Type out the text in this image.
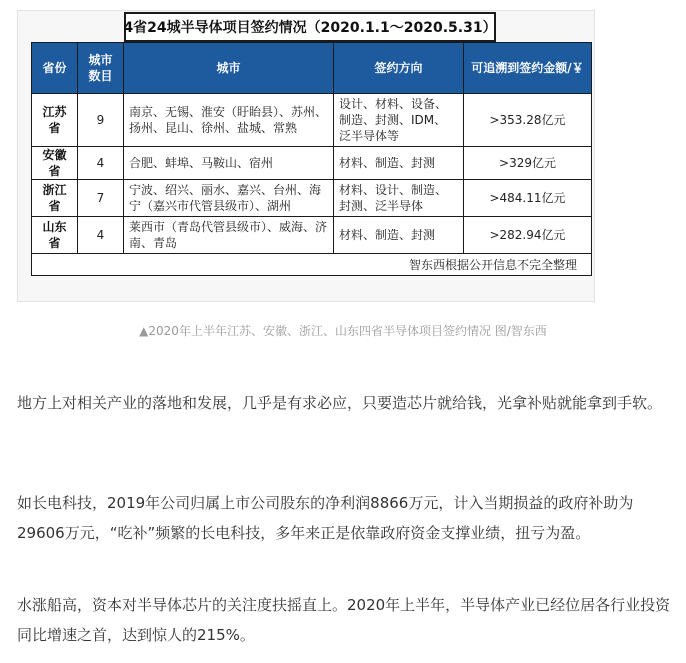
4省24城半导体项目签约情况（2020.1.1～2020.5.31）
省份	城市数目	城市	签约方向	可追溯到签约金额/￥
江苏省	9	南京、无锡、淮安（盱眙县）、苏州、扬州、昆山、徐州、盐城、常熟	设计、材料、设备、制造、封测、IDM、泛半导体等	>353.28亿元
安徽省	4	合肥、蚌埠、马鞍山、宿州	材料、制造、封测	>329亿元
浙江省	7	宁波、绍兴、丽水、嘉兴、台州、海宁（嘉兴市代管县级市）、湖州	材料、设计、制造、封测、泛半导体	>484.11亿元
山东省	4	莱西市（青岛代管县级市）、威海、济南、青岛	材料、制造、封测	>282.94亿元
智东西根据公开信息不完全整理				
▲2020年上半年江苏、安徽、浙江、山东四省半导体项目签约情况 图/智东西

地方上对相关产业的落地和发展，几乎是有求必应，只要造芯片就给钱，光拿补贴就能拿到手软。

如长电科技，2019年公司归属上市公司股东的净利润8866万元，计入当期损益的政府补助为29606万元，“吃补”频繁的长电科技，多年来正是依靠政府资金支撑业绩，扭亏为盈。

水涨船高，资本对半导体芯片的关注度扶摇直上。2020年上半年，半导体产业已经位居各行业投资同比增速之首，达到惊人的215%。
